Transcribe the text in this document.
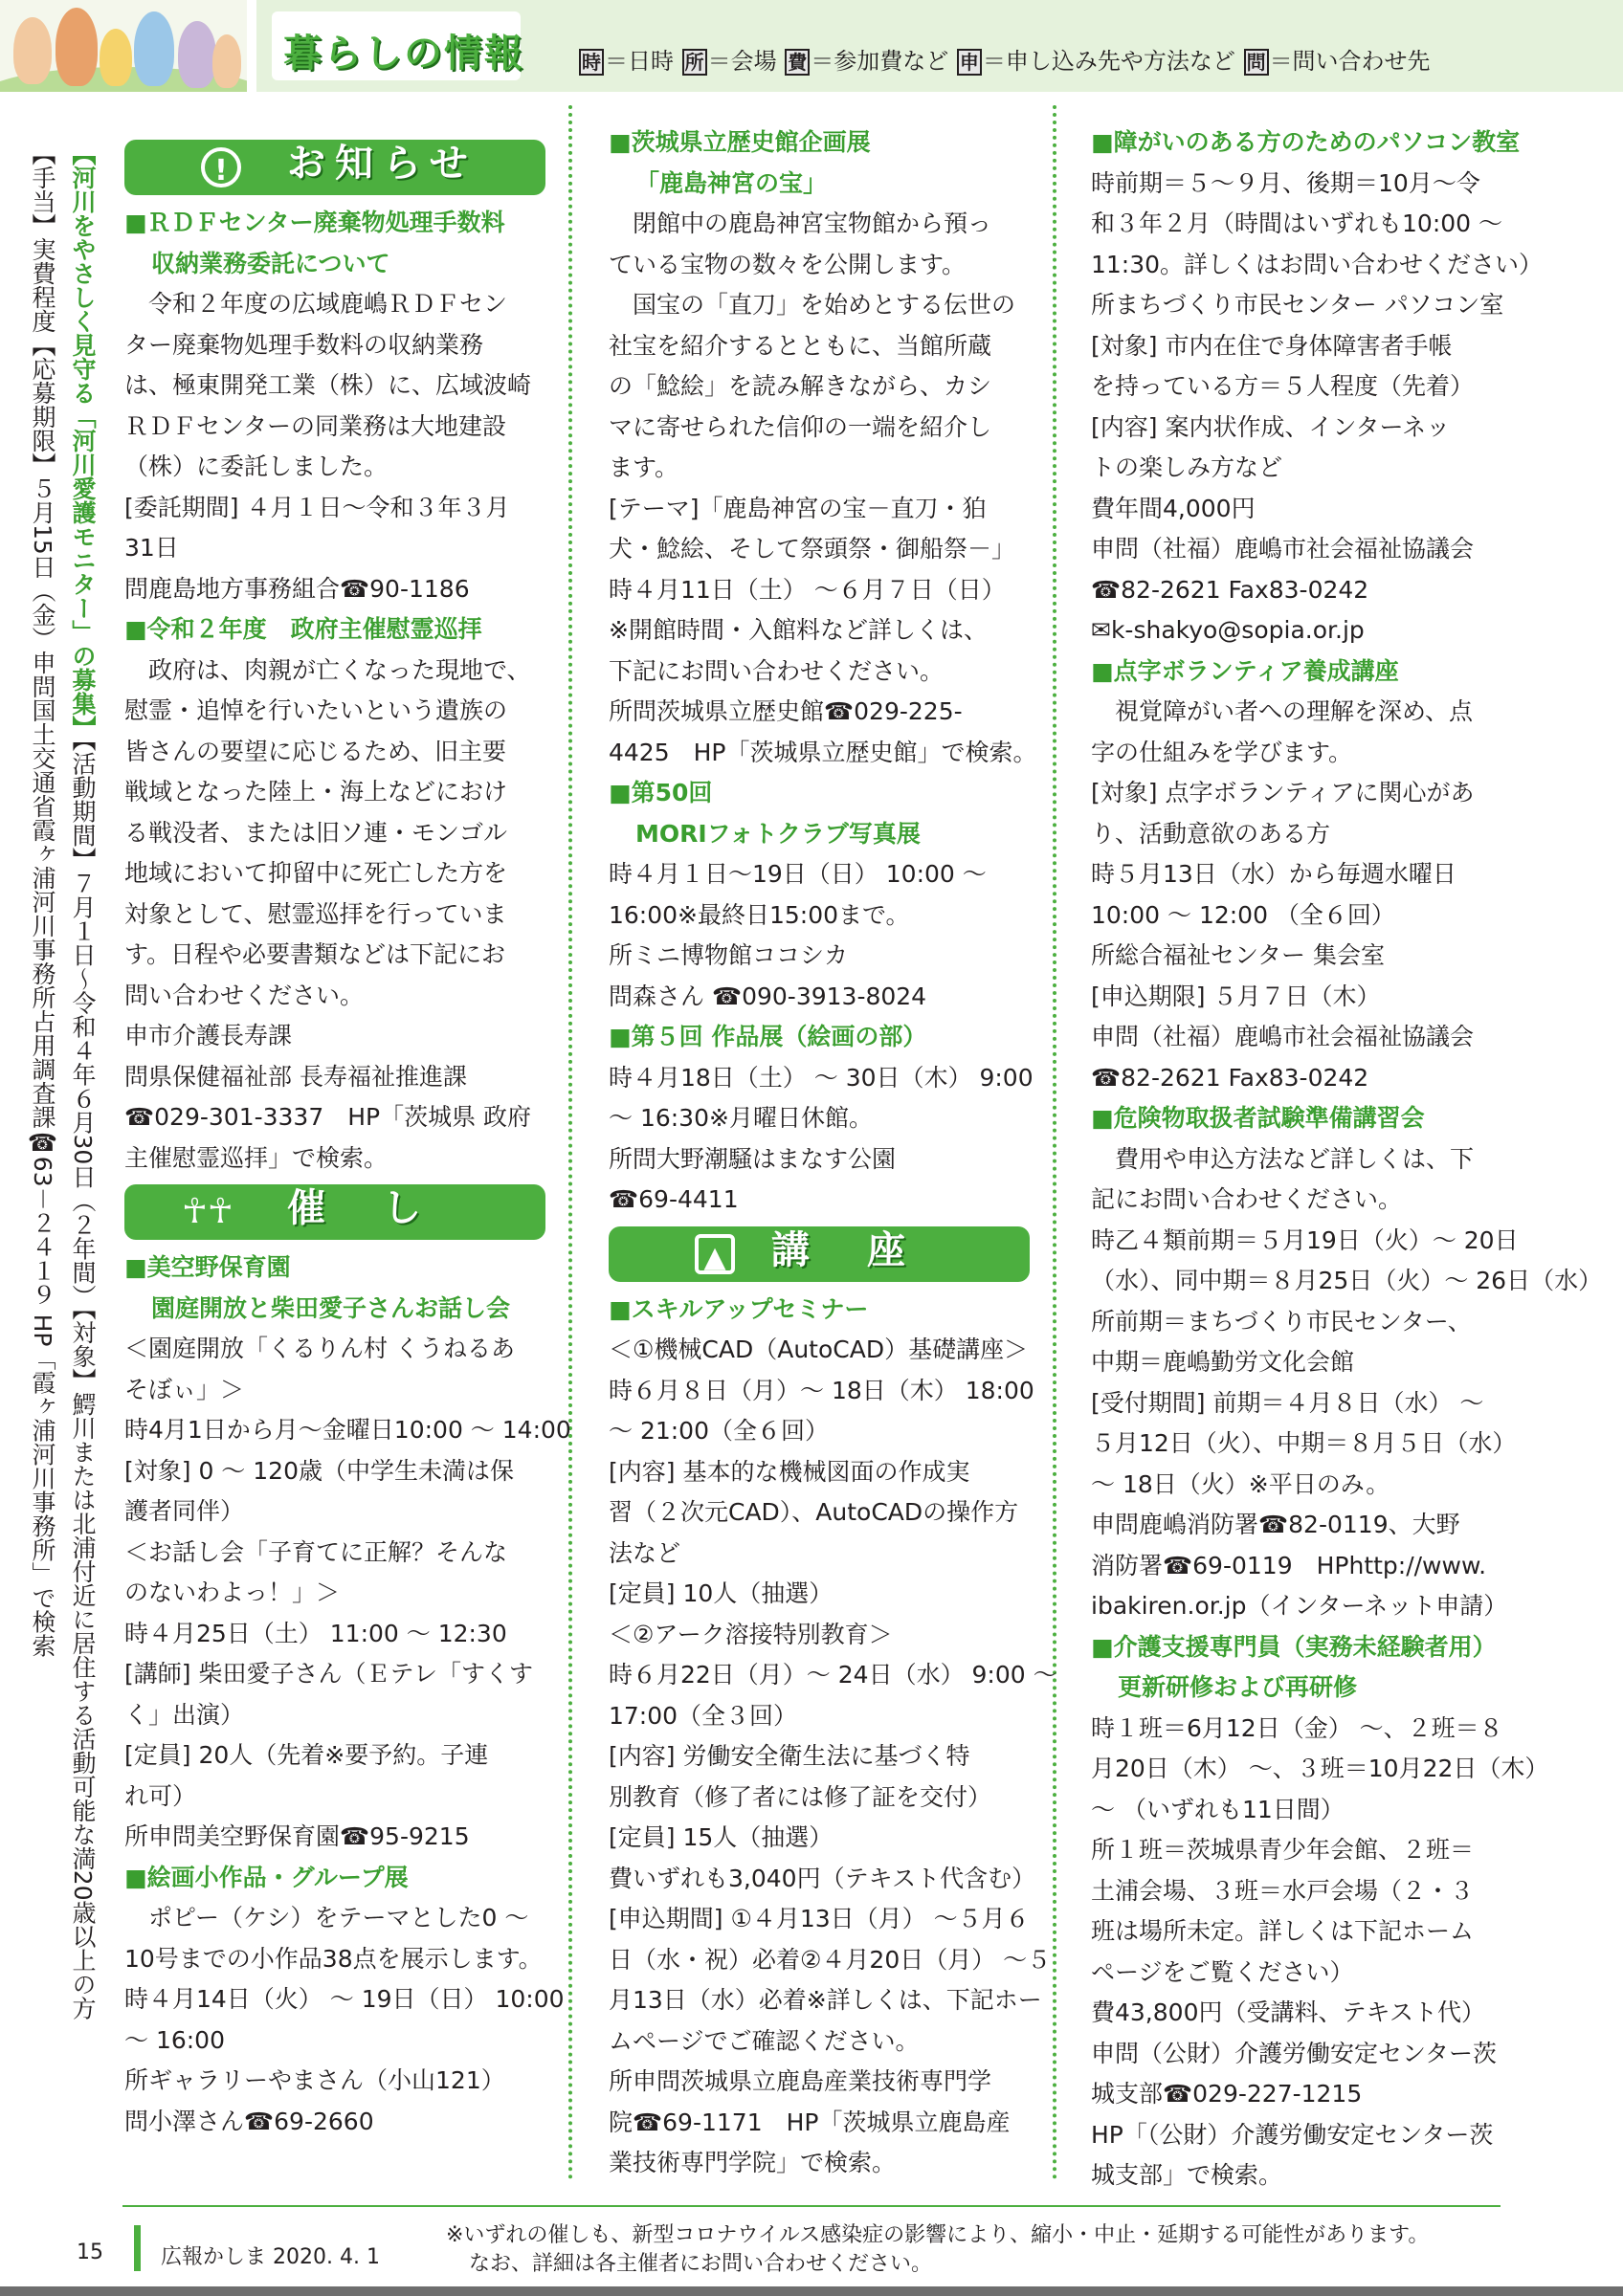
暮らしの情報	時 ＝日時 所 ＝会場 費 ＝参加費など 申 ＝申し込み先や方法など 問 ＝問い合わせ先
【手当】実費程度【応募期限】５月15日（金）申問国土交通省霞ヶ浦河川事務所占用調査課☎63－２４１９ HP「霞ヶ浦河川事務所」で検索 【河川をやさしく見守る「河川愛護モニター」の募集】【活動期間】７月１日～令和４年６月30日（２年間）【対象】鰐川または北浦付近に居住する活動可能な満20歳以上の方
!	お知らせ

■ＲＤＦセンター廃棄物処理手数料

収納業務委託について

　令和２年度の広域鹿嶋ＲＤＦセン

ター廃棄物処理手数料の収納業務

は、極東開発工業（株）に、広域波崎

ＲＤＦセンターの同業務は大地建設

（株）に委託しました。

[委託期間] ４月１日～令和３年３月

31日

問鹿島地方事務組合☎90-1186

■令和２年度　政府主催慰霊巡拝

　政府は、肉親が亡くなった現地で、

慰霊・追悼を行いたいという遺族の

皆さんの要望に応じるため、旧主要

戦域となった陸上・海上などにおけ

る戦没者、または旧ソ連・モンゴル

地域において抑留中に死亡した方を

対象として、慰霊巡拝を行っていま

す。日程や必要書類などは下記にお

問い合わせください。

申市介護長寿課

問県保健福祉部 長寿福祉推進課

☎029-301-3337　HP「茨城県 政府

主催慰霊巡拝」で検索。

☥☥ 催　し

■美空野保育園

園庭開放と柴田愛子さんお話し会

＜園庭開放「くるりん村 くうねるあ

そぼぃ」＞

時4月1日から月～金曜日10:00 ～ 14:00

[対象] 0 ～ 120歳（中学生未満は保

護者同伴）

＜お話し会「子育てに正解？そんな

のないわよっ！」＞

時４月25日（土） 11:00 ～ 12:30

[講師] 柴田愛子さん（Ｅテレ「すくす

く」出演）

[定員] 20人（先着※要予約。子連

れ可）

所申問美空野保育園☎95-9215

■絵画小作品・グループ展

　ポピー（ケシ）をテーマとした0 ～

10号までの小作品38点を展示します。

時４月14日（火） ～ 19日（日） 10:00

～ 16:00

所ギャラリーやまさん（小山121）

問小澤さん☎69-2660

■茨城県立歴史館企画展

「鹿島神宮の宝」

　閉館中の鹿島神宮宝物館から預っ

ている宝物の数々を公開します。

　国宝の「直刀」を始めとする伝世の

社宝を紹介するとともに、当館所蔵

の「鯰絵」を読み解きながら、カシ

マに寄せられた信仰の一端を紹介し

ます。

[テーマ]「鹿島神宮の宝－直刀・狛

犬・鯰絵、そして祭頭祭・御船祭－」

時４月11日（土） ～６月７日（日）

※開館時間・入館料など詳しくは、

下記にお問い合わせください。

所問茨城県立歴史館☎029-225-

4425　HP「茨城県立歴史館」で検索。

■第50回

MORIフォトクラブ写真展

時４月１日～19日（日） 10:00 ～

16:00※最終日15:00まで。

所ミニ博物館ココシカ

問森さん ☎090-3913-8024

■第５回 作品展（絵画の部）

時４月18日（土） ～ 30日（木） 9:00

～ 16:30※月曜日休館。

所問大野潮騒はまなす公園

☎69-4411

▲ 講　座

■スキルアップセミナー

＜①機械CAD（AutoCAD）基礎講座＞

時６月８日（月）～ 18日（木） 18:00

～ 21:00（全６回）

[内容] 基本的な機械図面の作成実

習（２次元CAD）、AutoCADの操作方

法など

[定員] 10人（抽選）

＜②アーク溶接特別教育＞

時６月22日（月）～ 24日（水） 9:00 ～

17:00（全３回）

[内容] 労働安全衛生法に基づく特

別教育（修了者には修了証を交付）

[定員] 15人（抽選）

費いずれも3,040円（テキスト代含む）

[申込期間] ①４月13日（月） ～５月６

日（水・祝）必着②４月20日（月） ～５

月13日（水）必着※詳しくは、下記ホー

ムページでご確認ください。

所申問茨城県立鹿島産業技術専門学

院☎69-1171　HP「茨城県立鹿島産

業技術専門学院」で検索。

■障がいのある方のためのパソコン教室

時前期＝５～９月、後期＝10月～令

和３年２月（時間はいずれも10:00 ～

11:30。詳しくはお問い合わせください）

所まちづくり市民センター パソコン室

[対象] 市内在住で身体障害者手帳

を持っている方＝５人程度（先着）

[内容] 案内状作成、インターネッ

トの楽しみ方など

費年間4,000円

申問（社福）鹿嶋市社会福祉協議会

☎82-2621 Fax83-0242

✉k-shakyo@sopia.or.jp

■点字ボランティア養成講座

　視覚障がい者への理解を深め、点

字の仕組みを学びます。

[対象] 点字ボランティアに関心があ

り、活動意欲のある方

時５月13日（水）から毎週水曜日

10:00 ～ 12:00 （全６回）

所総合福祉センター 集会室

[申込期限] ５月７日（木）

申問（社福）鹿嶋市社会福祉協議会

☎82-2621 Fax83-0242

■危険物取扱者試験準備講習会

　費用や申込方法など詳しくは、下

記にお問い合わせください。

時乙４類前期＝５月19日（火）～ 20日

（水）、同中期＝８月25日（火）～ 26日（水）

所前期＝まちづくり市民センター、

中期＝鹿嶋勤労文化会館

[受付期間] 前期＝４月８日（水） ～

５月12日（火）、中期＝８月５日（水）

～ 18日（火）※平日のみ。

申問鹿嶋消防署☎82-0119、大野

消防署☎69-0119　HPhttp://www.

ibakiren.or.jp（インターネット申請）

■介護支援専門員（実務未経験者用）

更新研修および再研修

時１班＝6月12日（金） ～、２班＝８

月20日（木） ～、３班＝10月22日（木）

～ （いずれも11日間）

所１班＝茨城県青少年会館、２班＝

土浦会場、３班＝水戸会場（２・３

班は場所未定。詳しくは下記ホーム

ページをご覧ください）

費43,800円（受講料、テキスト代）

申問（公財）介護労働安定センター茨

城支部☎029-227-1215

HP「（公財）介護労働安定センター茨

城支部」で検索。

15	広報かしま 2020. 4. 1
※いずれの催しも、新型コロナウイルス感染症の影響により、縮小・中止・延期する可能性があります。
なお、詳細は各主催者にお問い合わせください。
